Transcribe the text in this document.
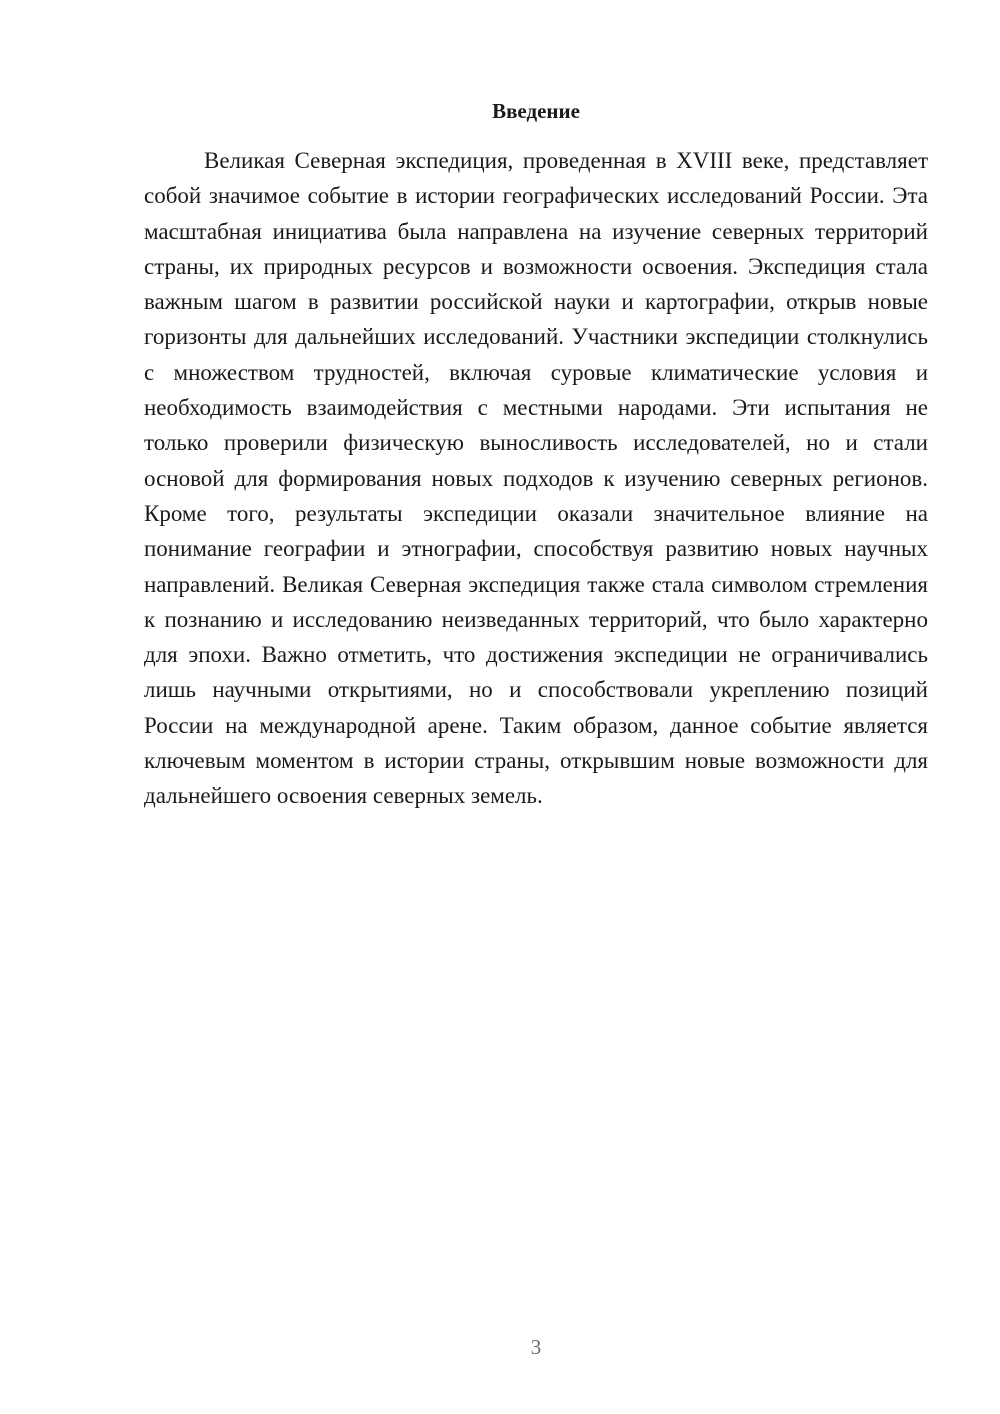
Введение

Великая Северная экспедиция, проведенная в XVIII веке, представляет собой значимое событие в истории географических исследований России. Эта масштабная инициатива была направлена на изучение северных территорий страны, их природных ресурсов и возможности освоения. Экспедиция стала важным шагом в развитии российской науки и картографии, открыв новые горизонты для дальнейших исследований. Участники экспедиции столкнулись с множеством трудностей, включая суровые климатические условия и необходимость взаимодействия с местными народами. Эти испытания не только проверили физическую выносливость исследователей, но и стали основой для формирования новых подходов к изучению северных регионов. Кроме того, результаты экспедиции оказали значительное влияние на понимание географии и этнографии, способствуя развитию новых научных направлений. Великая Северная экспедиция также стала символом стремления к познанию и исследованию неизведанных территорий, что было характерно для эпохи. Важно отметить, что достижения экспедиции не ограничивались лишь научными открытиями, но и способствовали укреплению позиций России на международной арене. Таким образом, данное событие является ключевым моментом в истории страны, открывшим новые возможности для дальнейшего освоения северных земель.

3
